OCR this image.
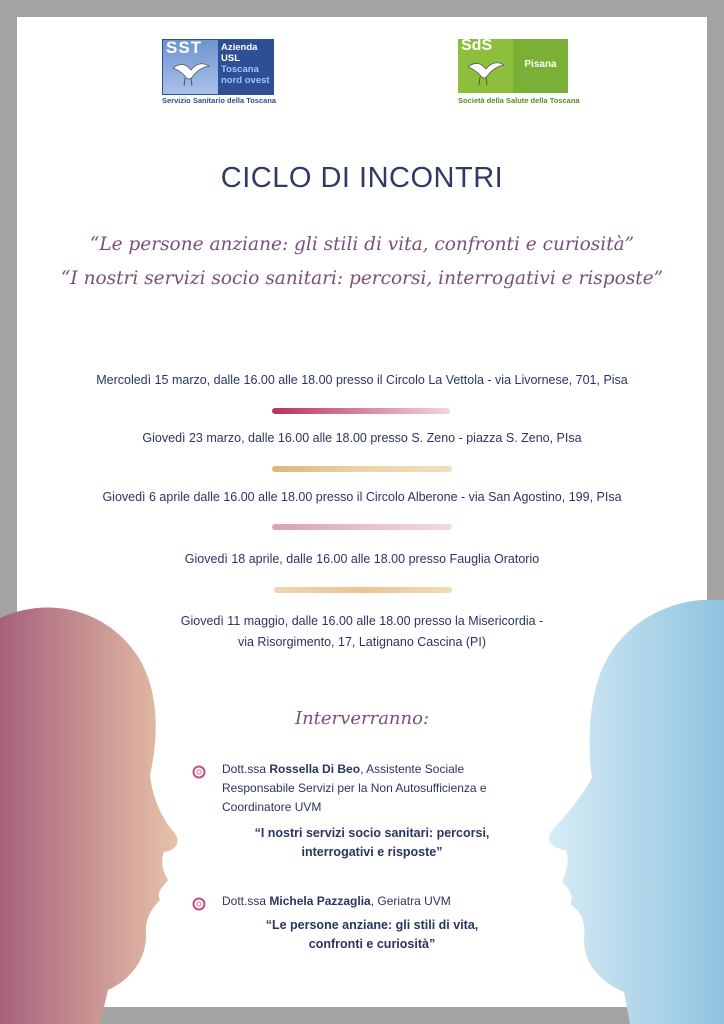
SST Azienda
USL
Toscana
nord ovest
Servizio Sanitario della Toscana
Pisana
SdS
Società della Salute della Toscana
CICLO DI INCONTRI
“Le persone anziane: gli stili di vita, confronti e curiosità”
“I nostri servizi socio sanitari: percorsi, interrogativi e risposte”
Mercoledì 15 marzo, dalle 16.00 alle 18.00 presso il Circolo La Vettola - via Livornese, 701, Pisa
Giovedì 23 marzo, dalle 16.00 alle 18.00 presso S. Zeno - piazza S. Zeno, PIsa
Giovedì 6 aprile dalle 16.00 alle 18.00 presso il Circolo Alberone - via San Agostino, 199, PIsa
Giovedì 18 aprile, dalle 16.00 alle 18.00 presso Fauglia Oratorio
Giovedì 11 maggio, dalle 16.00 alle 18.00 presso la Misericordia -
via Risorgimento, 17, Latignano Cascina (PI)
Interverranno:
Dott.ssa Rossella Di Beo, Assistente Sociale
Responsabile Servizi per la Non Autosufficienza e
Coordinatore UVM
“I nostri servizi socio sanitari: percorsi,
interrogativi e risposte”
Dott.ssa Michela Pazzaglia, Geriatra UVM
“Le persone anziane: gli stili di vita,
confronti e curiosità”
